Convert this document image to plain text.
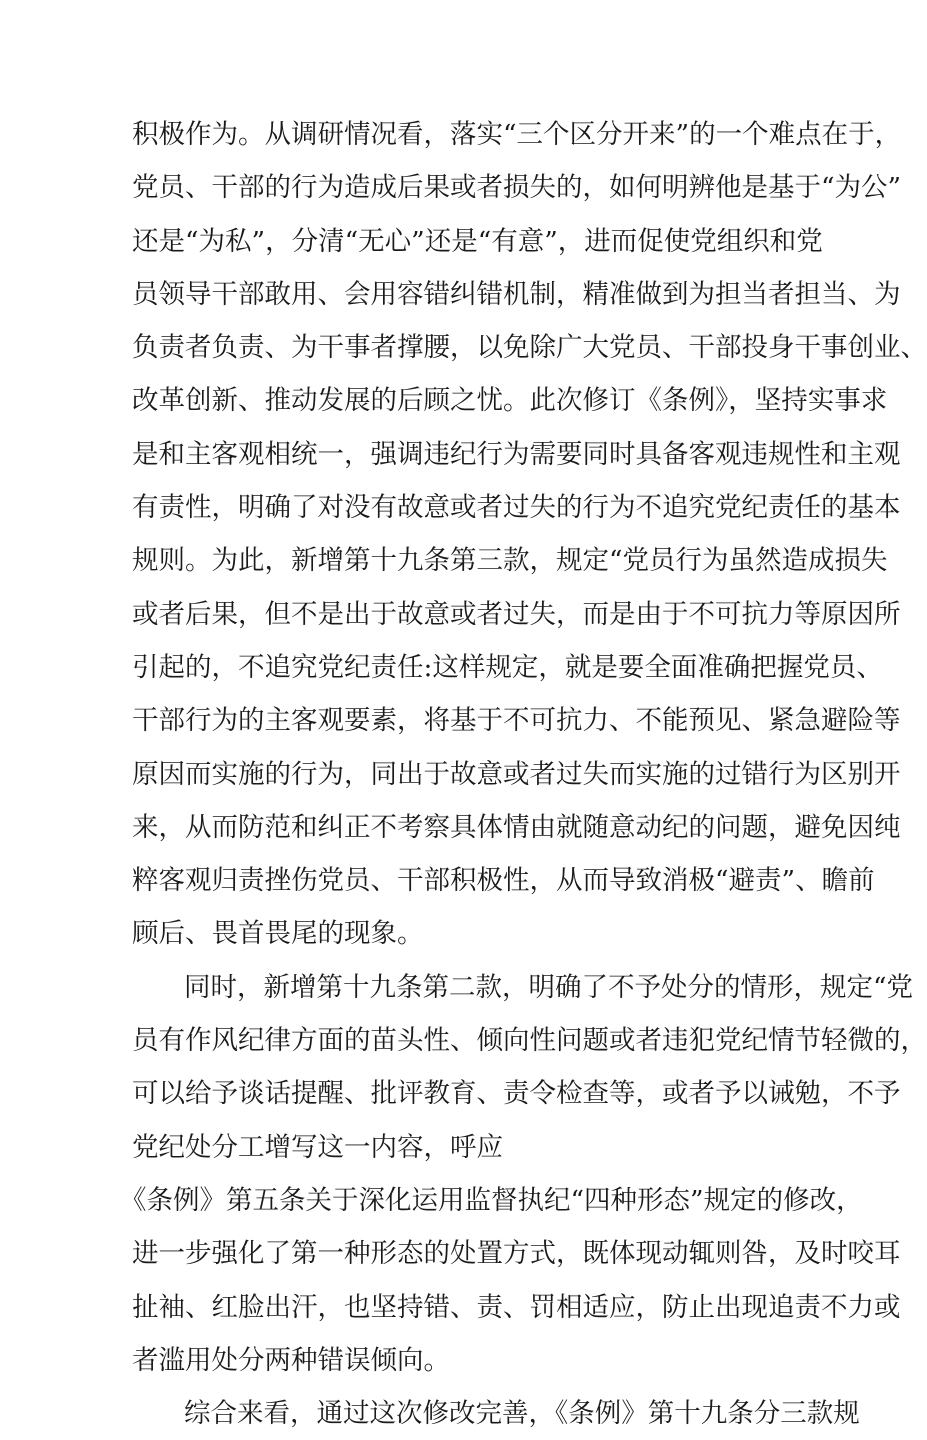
积极作为。从调研情况看，落实“三个区分开来”的一个难点在于，
党员、干部的行为造成后果或者损失的，如何明辨他是基于“为公”
还是“为私”，分清“无心”还是“有意”，进而促使党组织和党
员领导干部敢用、会用容错纠错机制，精准做到为担当者担当、为
负责者负责、为干事者撑腰，以免除广大党员、干部投身干事创业、
改革创新、推动发展的后顾之忧。此次修订《条例》，坚持实事求
是和主客观相统一，强调违纪行为需要同时具备客观违规性和主观
有责性，明确了对没有故意或者过失的行为不追究党纪责任的基本
规则。为此，新增第十九条第三款，规定“党员行为虽然造成损失
或者后果，但不是出于故意或者过失，而是由于不可抗力等原因所
引起的，不追究党纪责任:这样规定，就是要全面准确把握党员、
干部行为的主客观要素，将基于不可抗力、不能预见、紧急避险等
原因而实施的行为，同出于故意或者过失而实施的过错行为区别开
来，从而防范和纠正不考察具体情由就随意动纪的问题，避免因纯
粹客观归责挫伤党员、干部积极性，从而导致消极“避责”、瞻前
顾后、畏首畏尾的现象。
同时，新增第十九条第二款，明确了不予处分的情形，规定“党
员有作风纪律方面的苗头性、倾向性问题或者违犯党纪情节轻微的，
可以给予谈话提醒、批评教育、责令检查等，或者予以诫勉，不予
党纪处分工增写这一内容，呼应
《条例》第五条关于深化运用监督执纪“四种形态”规定的修改，
进一步强化了第一种形态的处置方式，既体现动辄则咎，及时咬耳
扯袖、红脸出汗，也坚持错、责、罚相适应，防止出现追责不力或
者滥用处分两种错误倾向。
综合来看，通过这次修改完善，《条例》第十九条分三款规
